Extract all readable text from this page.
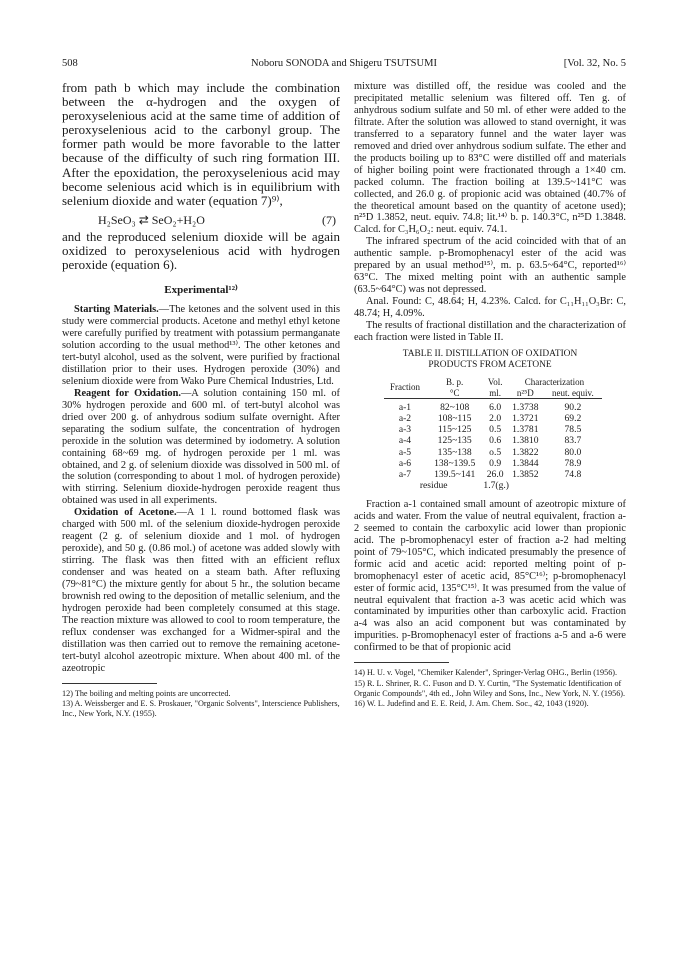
508	Noboru SONODA and Shigeru TSUTSUMI	[Vol. 32, No. 5

from path b which may include the combination between the α-hydrogen and the oxygen of peroxyselenious acid at the same time of addition of peroxyselenious acid to the carbonyl group. The former path would be more favorable to the latter because of the difficulty of such ring formation III. After the epoxidation, the peroxyselenious acid may become selenious acid which is in equilibrium with selenium dioxide and water (equation 7)⁹⁾,

H₂SeO₃ ⇄ SeO₂+H₂O	(7)

and the reproduced selenium dioxide will be again oxidized to peroxyselenious acid with hydrogen peroxide (equation 6).

Experimental¹²⁾

Starting Materials.—The ketones and the solvent used in this study were commercial products. Acetone and methyl ethyl ketone were carefully purified by treatment with potassium permanganate solution according to the usual method¹³⁾. The other ketones and tert-butyl alcohol, used as the solvent, were purified by fractional distillation prior to their uses. Hydrogen peroxide (30%) and selenium dioxide were from Wako Pure Chemical Industries, Ltd.

Reagent for Oxidation.—A solution containing 150 ml. of 30% hydrogen peroxide and 600 ml. of tert-butyl alcohol was dried over 200 g. of anhydrous sodium sulfate overnight. After separating the sodium sulfate, the concentration of hydrogen peroxide in the solution was determined by iodometry. A solution containing 68~69 mg. of hydrogen peroxide per 1 ml. was obtained, and 2 g. of selenium dioxide was dissolved in 500 ml. of the solution (corresponding to about 1 mol. of hydrogen peroxide) with stirring. Selenium dioxide-hydrogen peroxide reagent thus obtained was used in all experiments.

Oxidation of Acetone.—A 1 l. round bottomed flask was charged with 500 ml. of the selenium dioxide-hydrogen peroxide reagent (2 g. of selenium dioxide and 1 mol. of hydrogen peroxide), and 50 g. (0.86 mol.) of acetone was added slowly with stirring. The flask was then fitted with an efficient reflux condenser and was heated on a steam bath. After refluxing (79~81°C) the mixture gently for about 5 hr., the solution became brownish red owing to the deposition of metallic selenium, and the hydrogen peroxide had been completely consumed at this stage. The reaction mixture was allowed to cool to room temperature, the reflux condenser was exchanged for a Widmer-spiral and the distillation was then carried out to remove the remaining acetone-tert-butyl alcohol azeotropic mixture. When about 400 ml. of the azeotropic

12) The boiling and melting points are uncorrected.

13) A. Weissberger and E. S. Proskauer, "Organic Solvents", Interscience Publishers, Inc., New York, N.Y. (1955).

mixture was distilled off, the residue was cooled and the precipitated metallic selenium was filtered off. Ten g. of anhydrous sodium sulfate and 50 ml. of ether were added to the filtrate. After the solution was allowed to stand overnight, it was transferred to a separatory funnel and the water layer was removed and dried over anhydrous sodium sulfate. The ether and the products boiling up to 83°C were distilled off and materials of higher boiling point were fractionated through a 1×40 cm. packed column. The fraction boiling at 139.5~141°C was collected, and 26.0 g. of propionic acid was obtained (40.7% of the theoretical amount based on the quantity of acetone used); n²⁵D 1.3852, neut. equiv. 74.8; lit.¹⁴⁾ b. p. 140.3°C, n²⁵D 1.3848. Calcd. for C₃H₆O₂: neut. equiv. 74.1.

The infrared spectrum of the acid coincided with that of an authentic sample. p-Bromophenacyl ester of the acid was prepared by an usual method¹⁵⁾, m. p. 63.5~64°C, reported¹⁶⁾ 63°C. The mixed melting point with an authentic sample (63.5~64°C) was not depressed.

Anal. Found: C, 48.64; H, 4.23%. Calcd. for C₁₁H₁₁O₃Br: C, 48.74; H, 4.09%.

The results of fractional distillation and the characterization of each fraction were listed in Table II.

TABLE II. DISTILLATION OF OXIDATION
PRODUCTS FROM ACETONE
Fraction	B. p.	Vol.	Characterization	
	°C	ml.	n²⁵D	neut. equiv.

a-1	82~108	6.0	1.3738	90.2
a-2	108~115	2.0	1.3721	69.2
a-3	115~125	0.5	1.3781	78.5
a-4	125~135	0.6	1.3810	83.7
a-5	135~138	o.5	1.3822	80.0
a-6	138~139.5	0.9	1.3844	78.9
a-7	139.5~141	26.0	1.3852	74.8
residue		1.7(g.)		

Fraction a-1 contained small amount of azeotropic mixture of acids and water. From the value of neutral equivalent, fraction a-2 seemed to contain the carboxylic acid lower than propionic acid. The p-bromophenacyl ester of fraction a-2 had melting point of 79~105°C, which indicated presumably the presence of formic acid and acetic acid: reported melting point of p-bromophenacyl ester of acetic acid, 85°C¹⁶⁾; p-bromophenacyl ester of formic acid, 135°C¹⁵⁾. It was presumed from the value of neutral equivalent that fraction a-3 was acetic acid which was contaminated by impurities other than carboxylic acid. Fraction a-4 was also an acid component but was contaminated by impurities. p-Bromophenacyl ester of fractions a-5 and a-6 were confirmed to be that of propionic acid

14) H. U. v. Vogel, "Chemiker Kalender", Springer-Verlag OHG., Berlin (1956).

15) R. L. Shriner, R. C. Fuson and D. Y. Curtin, "The Systematic Identification of Organic Compounds", 4th ed., John Wiley and Sons, Inc., New York, N. Y. (1956).

16) W. L. Judefind and E. E. Reid, J. Am. Chem. Soc., 42, 1043 (1920).
